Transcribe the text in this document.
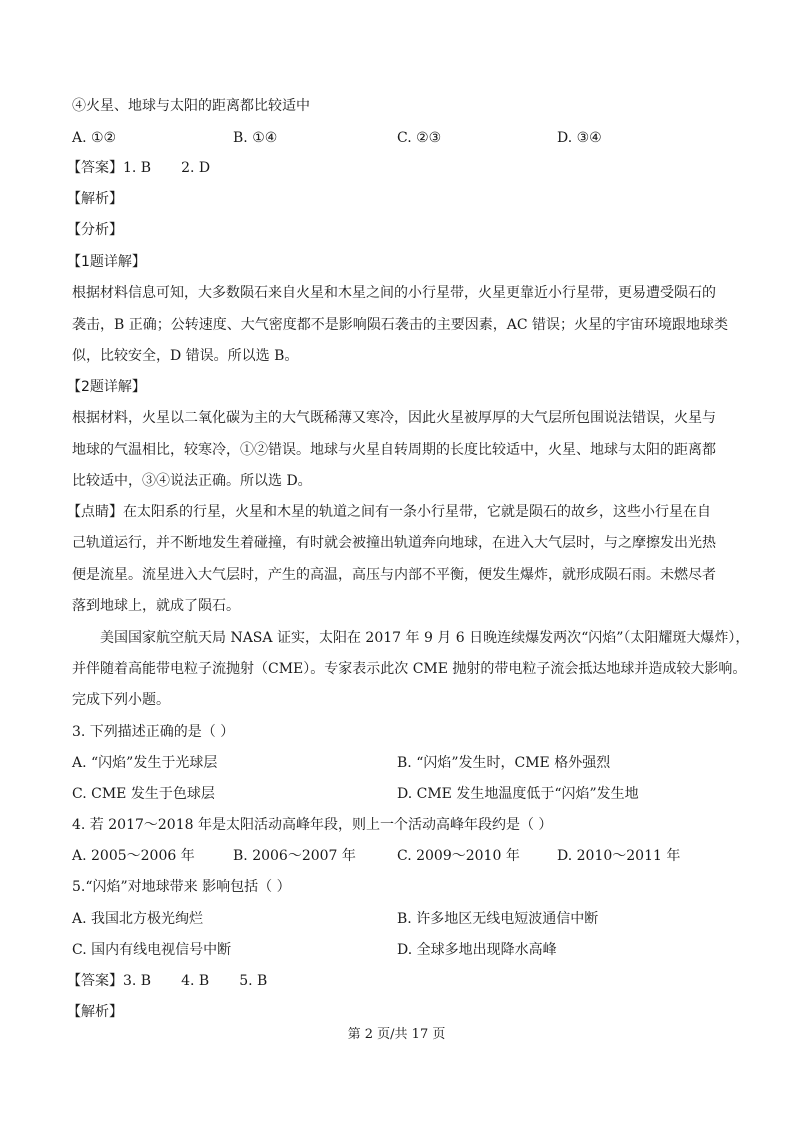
④火星、地球与太阳的距离都比较适中
A. ①②	B. ①④	C. ②③	D. ③④
【答案】1. B 2. D
【解析】
【分析】
【1题详解】
根据材料信息可知，大多数陨石来自火星和木星之间的小行星带，火星更靠近小行星带，更易遭受陨石的
袭击，B 正确；公转速度、大气密度都不是影响陨石袭击的主要因素，AC 错误；火星的宇宙环境跟地球类
似，比较安全，D 错误。所以选 B。
【2题详解】
根据材料，火星以二氧化碳为主的大气既稀薄又寒冷，因此火星被厚厚的大气层所包围说法错误，火星与
地球的气温相比，较寒冷，①②错误。地球与火星自转周期的长度比较适中，火星、地球与太阳的距离都
比较适中，③④说法正确。所以选 D。
【点睛】在太阳系的行星，火星和木星的轨道之间有一条小行星带，它就是陨石的故乡，这些小行星在自
己轨道运行，并不断地发生着碰撞，有时就会被撞出轨道奔向地球，在进入大气层时，与之摩擦发出光热
便是流星。流星进入大气层时，产生的高温，高压与内部不平衡，便发生爆炸，就形成陨石雨。未燃尽者
落到地球上，就成了陨石。
美国国家航空航天局 NASA 证实，太阳在 2017 年 9 月 6 日晚连续爆发两次“闪焰”（太阳耀斑大爆炸），
并伴随着高能带电粒子流抛射（CME）。专家表示此次 CME 抛射的带电粒子流会抵达地球并造成较大影响。
完成下列小题。
3. 下列描述正确的是（ ）
A. “闪焰”发生于光球层	B. “闪焰”发生时，CME 格外强烈
C. CME 发生于色球层	D. CME 发生地温度低于“闪焰”发生地
4. 若 2017～2018 年是太阳活动高峰年段，则上一个活动高峰年段约是（ ）
A. 2005～2006 年	B. 2006～2007 年	C. 2009～2010 年	D. 2010～2011 年
5.“闪焰”对地球带来 影响包括（ ）
A. 我国北方极光绚烂	B. 许多地区无线电短波通信中断
C. 国内有线电视信号中断	D. 全球多地出现降水高峰
【答案】3. B 4. B 5. B
【解析】
第 2 页/共 17 页
